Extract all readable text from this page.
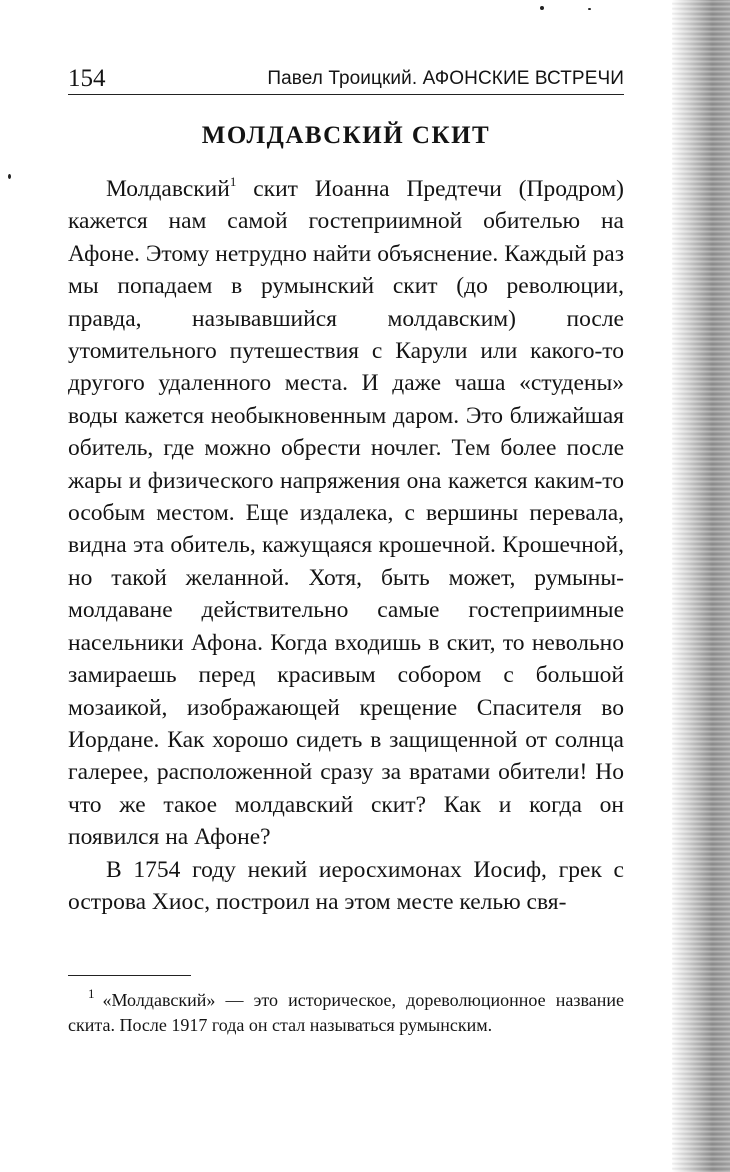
154	Павел Троицкий. АФОНСКИЕ ВСТРЕЧИ
МОЛДАВСКИЙ СКИТ

Молдавский$^1$ скит Иоанна Предтечи (Продром) кажется нам самой гостеприимной обителью на Афоне. Этому нетрудно найти объяснение. Каждый раз мы попадаем в румынский скит (до революции, правда, называвшийся молдавским) после утомительного путешествия с Карули или какого-то другого удаленного места. И даже чаша «студены» воды кажется необыкновенным даром. Это ближайшая обитель, где можно обрести ночлег. Тем более после жары и физического напряжения она кажется каким-то особым местом. Еще издалека, с вершины перевала, видна эта обитель, кажущаяся крошечной. Крошечной, но такой желанной. Хотя, быть может, румыны-молдаване действительно самые гостеприимные насельники Афона. Когда входишь в скит, то невольно замираешь перед красивым собором с большой мозаикой, изображающей крещение Спасителя во Иордане. Как хорошо сидеть в защищенной от солнца галерее, расположенной сразу за вратами обители! Но что же такое молдавский скит? Как и когда он появился на Афоне?

В 1754 году некий иеросхимонах Иосиф, грек с острова Хиос, построил на этом месте келью свя-

$^1$ «Молдавский» — это историческое, дореволюционное название скита. После 1917 года он стал называться румынским.
